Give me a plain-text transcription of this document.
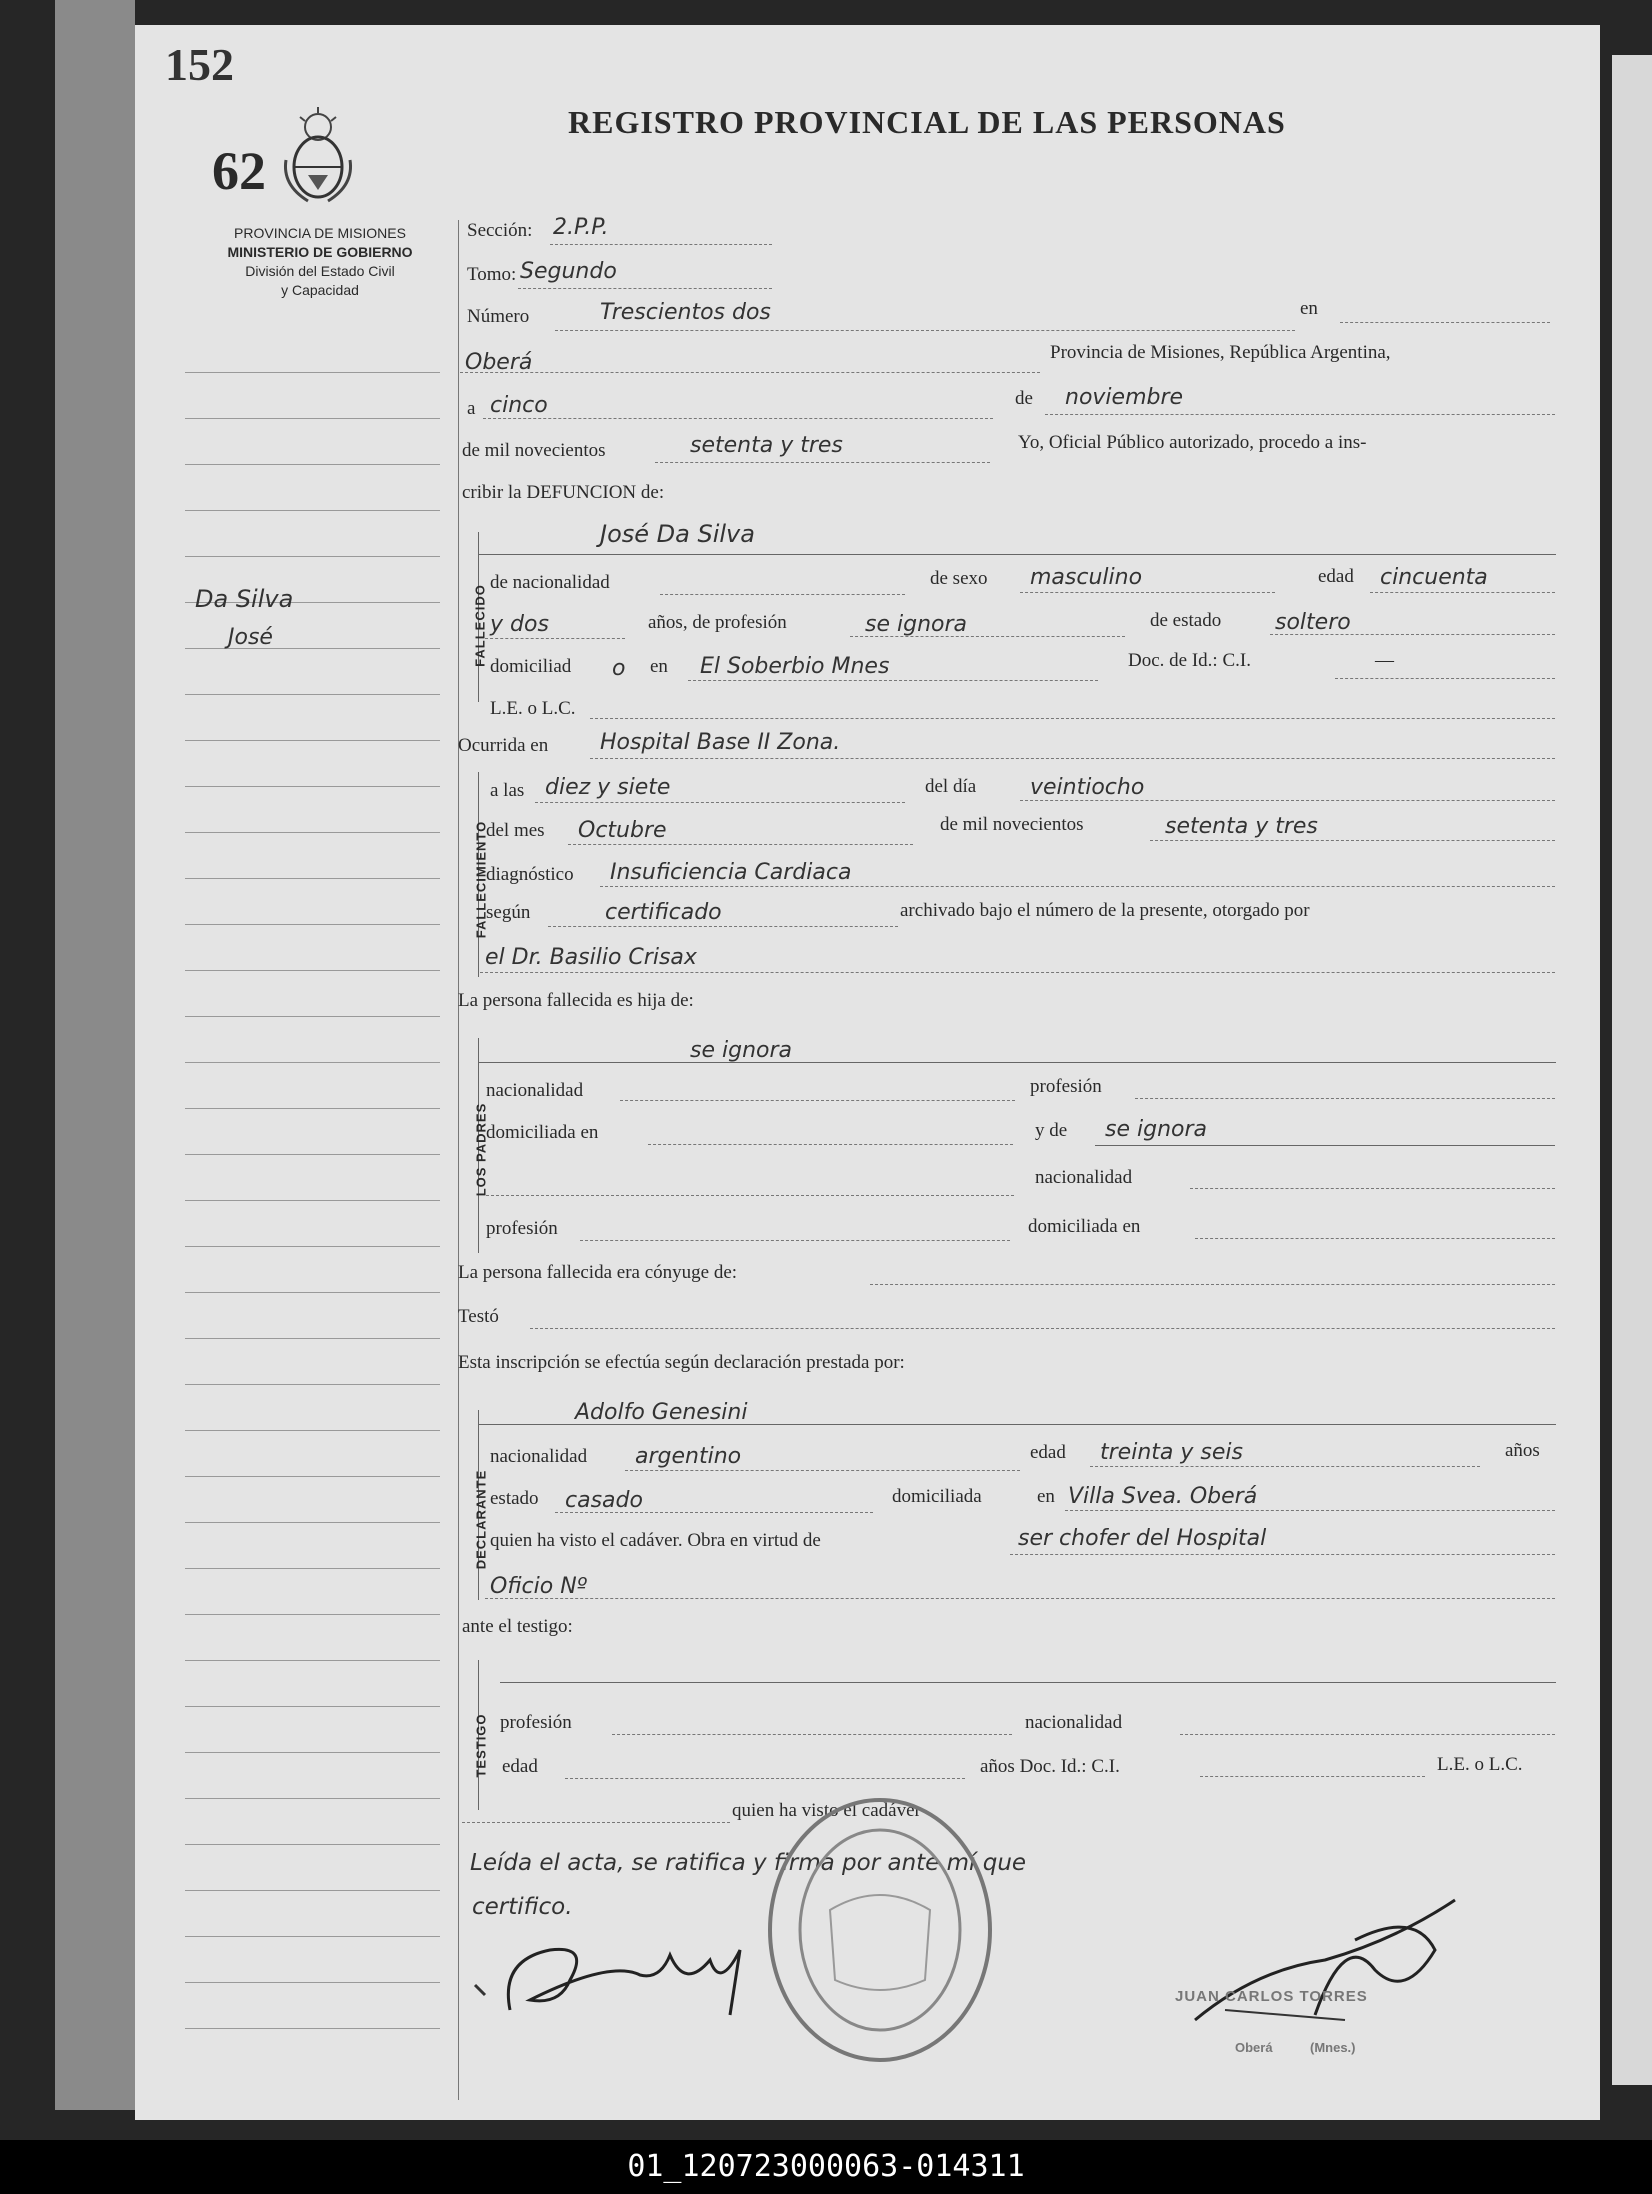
152
62
REGISTRO PROVINCIAL DE LAS PERSONAS
PROVINCIA DE MISIONES
MINISTERIO DE GOBIERNO
División del Estado Civil
y Capacidad
Da Silva
José
Sección: 2.P.P.
Tomo: Segundo
Número	Trescientos dos	en
Oberá	Provincia de Misiones, República Argentina,
a cinco	de noviembre
de mil novecientos	setenta y tres	Yo, Oficial Público autorizado, procedo a ins-
cribir la DEFUNCION de:
FALLECIDO
José Da Silva
de nacionalidad	de sexo masculino	edad cincuenta
y dos	años, de profesión	se ignora	de estado soltero
domiciliad o en El Soberbio Mnes	Doc. de Id.: C.I.	—
L.E. o L.C.
Ocurrida en Hospital Base II Zona.
FALLECIMIENTO
a las diez y siete	del día veintiocho
del mes Octubre	de mil novecientos	setenta y tres
diagnóstico Insuficiencia Cardiaca
según	certificado	archivado bajo el número de la presente, otorgado por
el Dr. Basilio Crisax
La persona fallecida es hija de:
LOS PADRES
se ignora
nacionalidad	profesión
domiciliada en	y de se ignora
nacionalidad
profesión	domiciliada en
La persona fallecida era cónyuge de:
Testó
Esta inscripción se efectúa según declaración prestada por:
DECLARANTE
Adolfo Genesini
nacionalidad argentino	edad treinta y seis	años
estado casado	domiciliada	en Villa Svea. Oberá
quien ha visto el cadáver. Obra en virtud de	ser chofer del Hospital
Oficio Nº
ante el testigo:
TESTIGO profesión	nacionalidad
edad	años Doc. Id.: C.I.	L.E. o L.C.
quien ha visto el cadáver
Leída el acta, se ratifica y firma por ante mí que
certifico.
JUAN CARLOS TORRES
Oberá	(Mnes.)
01_120723000063-014311
